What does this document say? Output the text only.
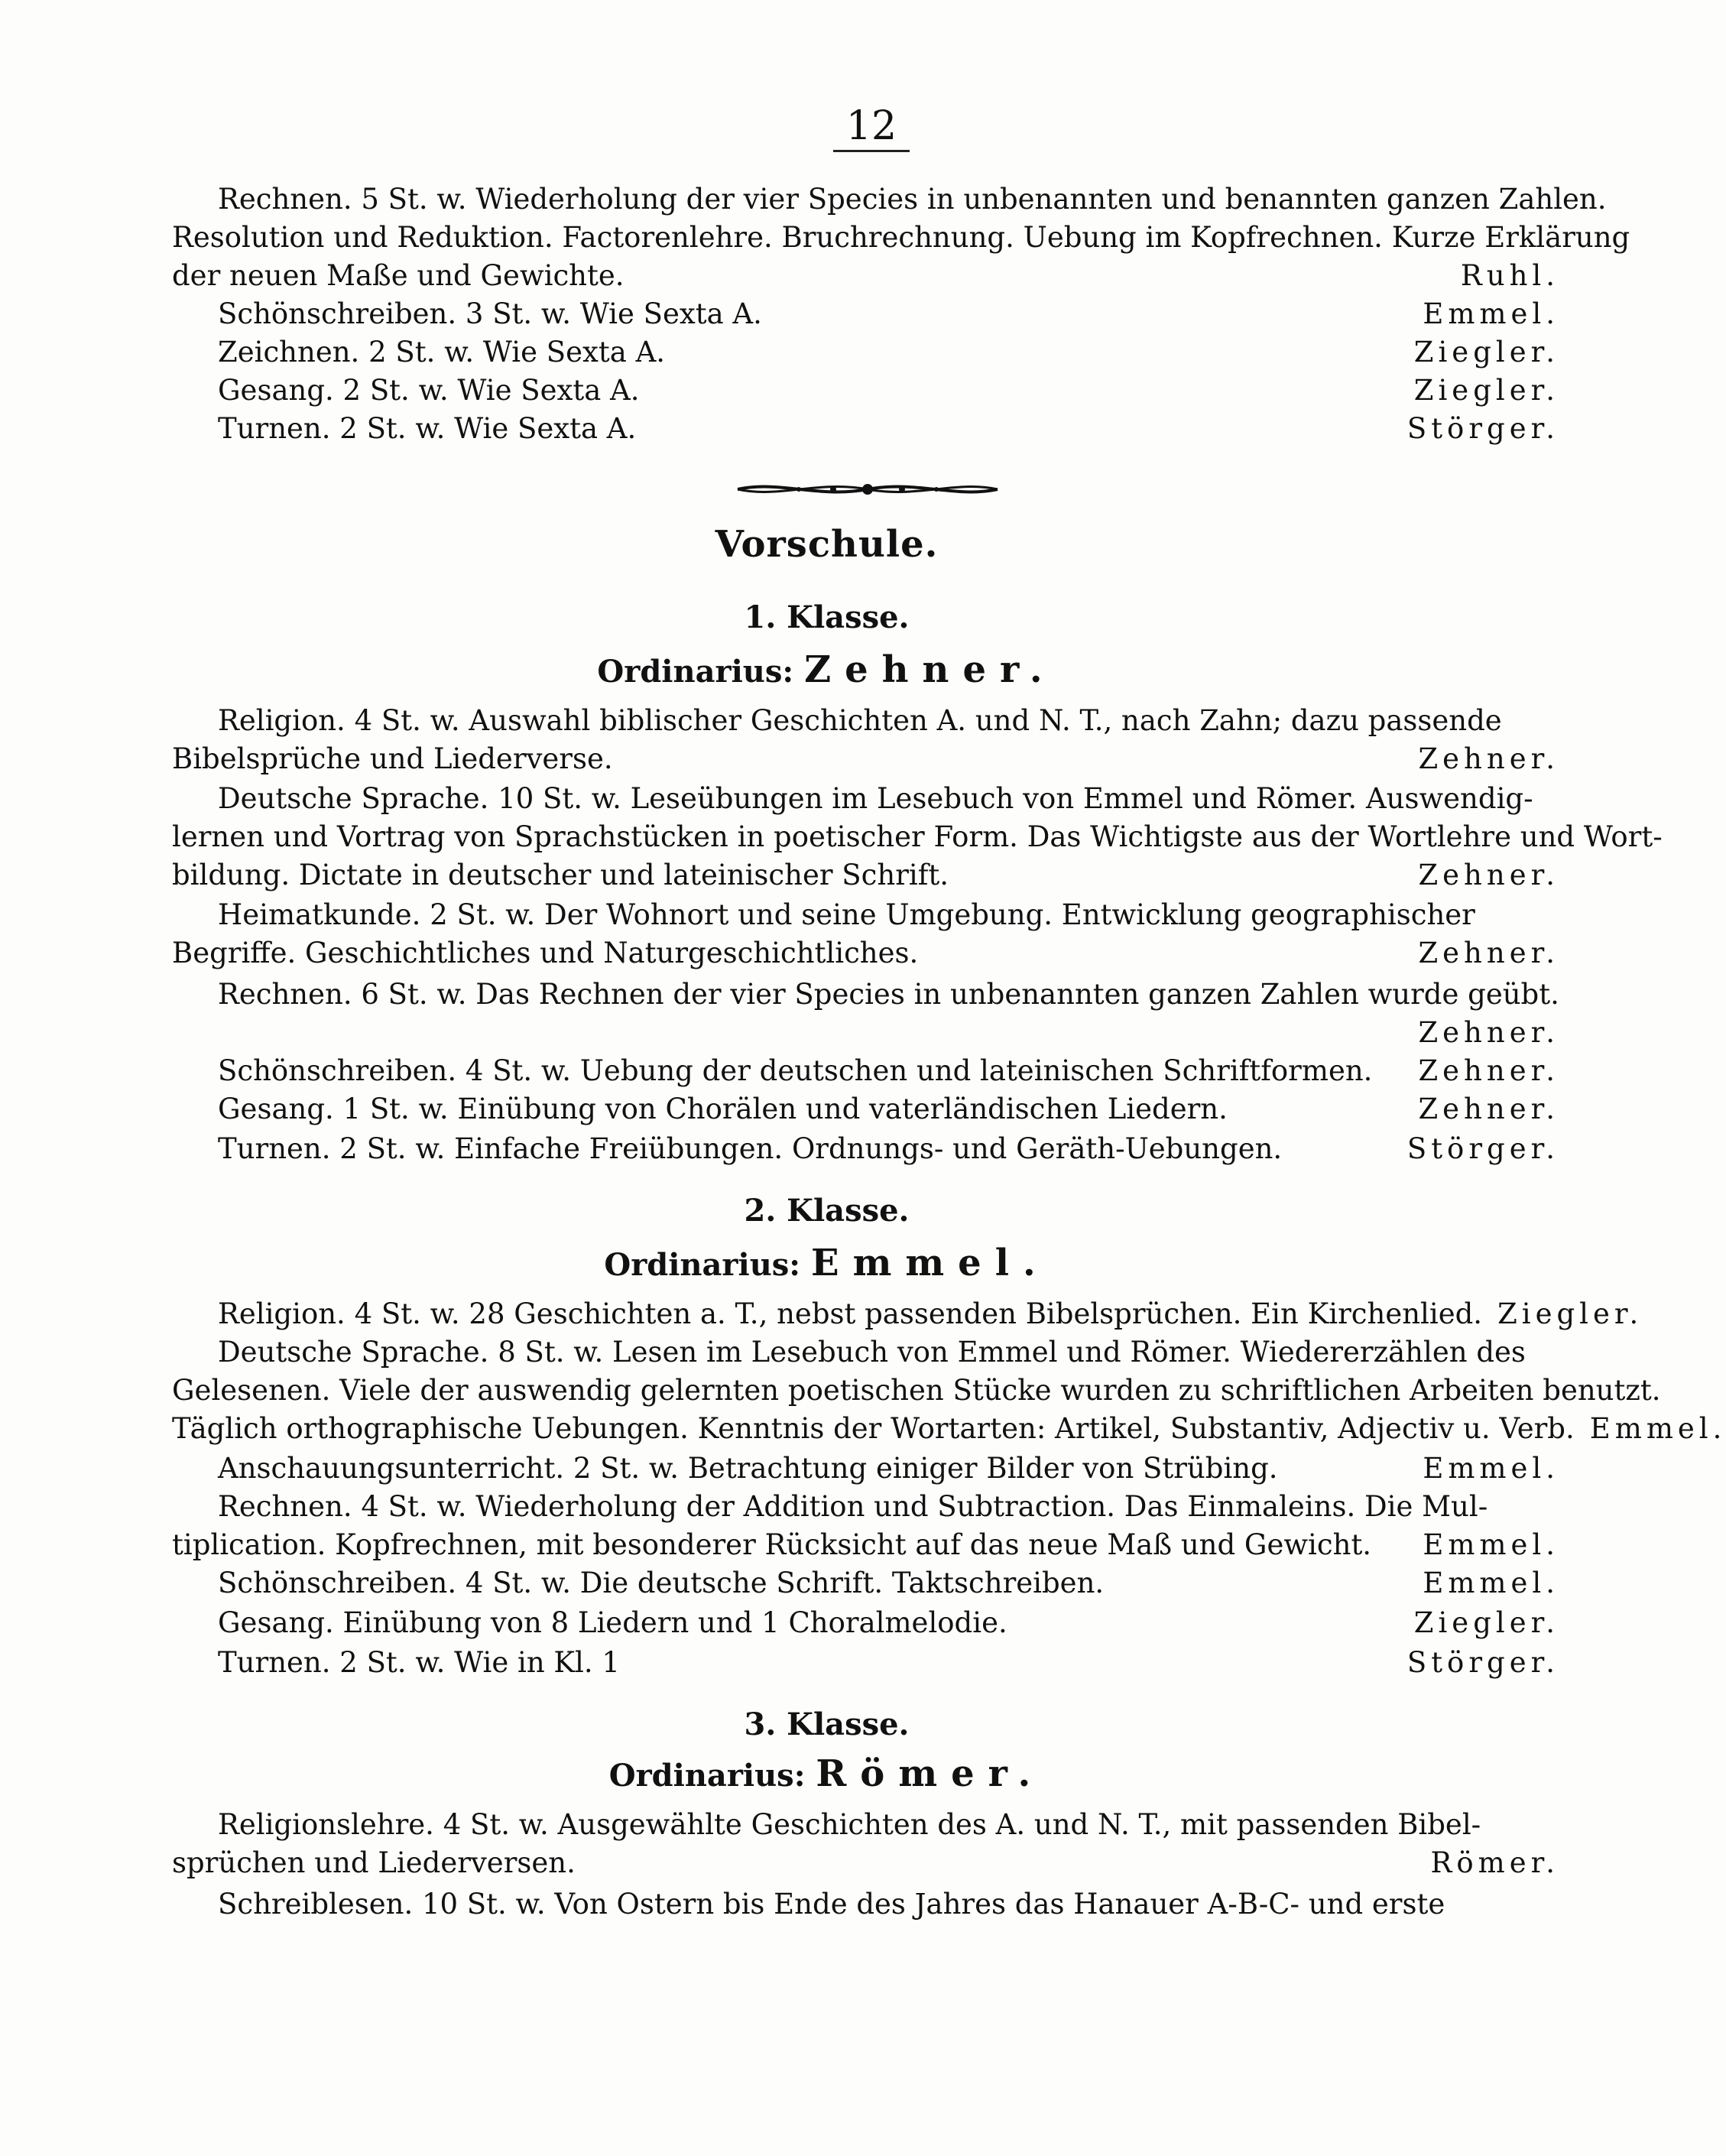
12
Rechnen. 5 St. w. Wiederholung der vier Species in unbenannten und benannten ganzen Zahlen.
Resolution und Reduktion. Factorenlehre. Bruchrechnung. Uebung im Kopfrechnen. Kurze Erklärung
der neuen Maße und Gewichte.	Ruhl.
Schönschreiben. 3 St. w. Wie Sexta A.	Emmel.
Zeichnen. 2 St. w. Wie Sexta A.	Ziegler.
Gesang. 2 St. w. Wie Sexta A.	Ziegler.
Turnen. 2 St. w. Wie Sexta A.	Störger.
Vorschule.
1. Klasse.
Ordinarius: Zehner.
Religion. 4 St. w. Auswahl biblischer Geschichten A. und N. T., nach Zahn; dazu passende
Bibelsprüche und Liederverse.	Zehner.
Deutsche Sprache. 10 St. w. Leseübungen im Lesebuch von Emmel und Römer. Auswendig-
lernen und Vortrag von Sprachstücken in poetischer Form. Das Wichtigste aus der Wortlehre und Wort-
bildung. Dictate in deutscher und lateinischer Schrift.	Zehner.
Heimatkunde. 2 St. w. Der Wohnort und seine Umgebung. Entwicklung geographischer
Begriffe. Geschichtliches und Naturgeschichtliches.	Zehner.
Rechnen. 6 St. w. Das Rechnen der vier Species in unbenannten ganzen Zahlen wurde geübt.
Zehner.
Schönschreiben. 4 St. w. Uebung der deutschen und lateinischen Schriftformen.	Zehner.
Gesang. 1 St. w. Einübung von Chorälen und vaterländischen Liedern.	Zehner.
Turnen. 2 St. w. Einfache Freiübungen. Ordnungs- und Geräth-Uebungen.	Störger.
2. Klasse.
Ordinarius: Emmel.
Religion. 4 St. w. 28 Geschichten a. T., nebst passenden Bibelsprüchen. Ein Kirchenlied. Ziegler.
Deutsche Sprache. 8 St. w. Lesen im Lesebuch von Emmel und Römer. Wiedererzählen des
Gelesenen. Viele der auswendig gelernten poetischen Stücke wurden zu schriftlichen Arbeiten benutzt.
Täglich orthographische Uebungen. Kenntnis der Wortarten: Artikel, Substantiv, Adjectiv u. Verb. Emmel.
Anschauungsunterricht. 2 St. w. Betrachtung einiger Bilder von Strübing.	Emmel.
Rechnen. 4 St. w. Wiederholung der Addition und Subtraction. Das Einmaleins. Die Mul-
tiplication. Kopfrechnen, mit besonderer Rücksicht auf das neue Maß und Gewicht.	Emmel.
Schönschreiben. 4 St. w. Die deutsche Schrift. Taktschreiben.	Emmel.
Gesang. Einübung von 8 Liedern und 1 Choralmelodie.	Ziegler.
Turnen. 2 St. w. Wie in Kl. 1	Störger.
3. Klasse.
Ordinarius: Römer.
Religionslehre. 4 St. w. Ausgewählte Geschichten des A. und N. T., mit passenden Bibel-
sprüchen und Liederversen.	Römer.
Schreiblesen. 10 St. w. Von Ostern bis Ende des Jahres das Hanauer A-B-C- und erste
